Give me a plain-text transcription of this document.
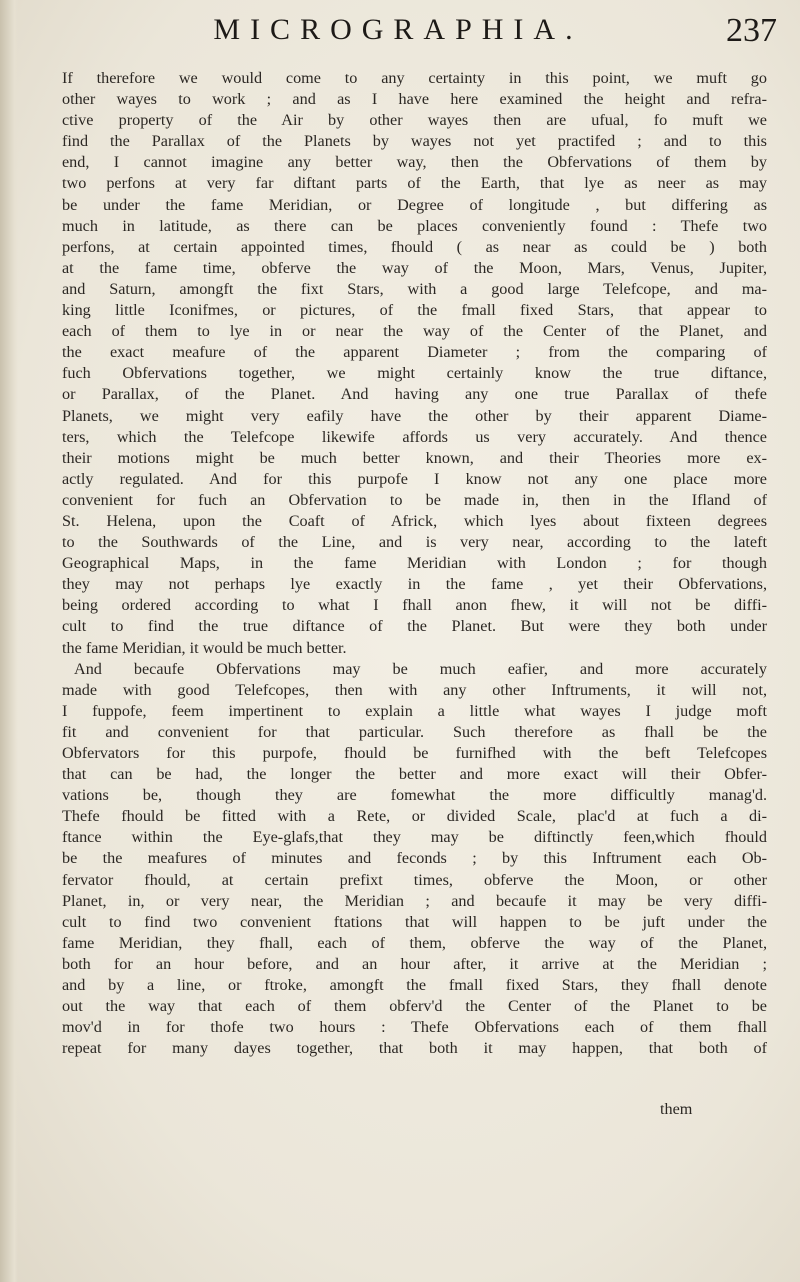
MICROGRAPHIA.	237
If therefore we would come to any certainty in this point, we muft go
other wayes to work ; and as I have here examined the height and refra-
ctive property of the Air by other wayes then are ufual, fo muft we
find the Parallax of the Planets by wayes not yet practifed ; and to this
end, I cannot imagine any better way, then the Obfervations of them by
two perfons at very far diftant parts of the Earth, that lye as neer as may
be under the fame Meridian, or Degree of longitude , but differing as
much in latitude, as there can be places conveniently found : Thefe two
perfons, at certain appointed times, fhould ( as near as could be ) both
at the fame time, obferve the way of the Moon, Mars, Venus, Jupiter,
and Saturn, amongft the fixt Stars, with a good large Telefcope, and ma-
king little Iconifmes, or pictures, of the fmall fixed Stars, that appear to
each of them to lye in or near the way of the Center of the Planet, and
the exact meafure of the apparent Diameter ; from the comparing of
fuch Obfervations together, we might certainly know the true diftance,
or Parallax, of the Planet. And having any one true Parallax of thefe
Planets, we might very eafily have the other by their apparent Diame-
ters, which the Telefcope likewife affords us very accurately. And thence
their motions might be much better known, and their Theories more ex-
actly regulated. And for this purpofe I know not any one place more
convenient for fuch an Obfervation to be made in, then in the Ifland of
St. Helena, upon the Coaft of Africk, which lyes about fixteen degrees
to the Southwards of the Line, and is very near, according to the lateft
Geographical Maps, in the fame Meridian with London ; for though
they may not perhaps lye exactly in the fame , yet their Obfervations,
being ordered according to what I fhall anon fhew, it will not be diffi-
cult to find the true diftance of the Planet. But were they both under
the fame Meridian, it would be much better.
And becaufe Obfervations may be much eafier, and more accurately
made with good Telefcopes, then with any other Inftruments, it will not,
I fuppofe, feem impertinent to explain a little what wayes I judge moft
fit and convenient for that particular. Such therefore as fhall be the
Obfervators for this purpofe, fhould be furnifhed with the beft Telefcopes
that can be had, the longer the better and more exact will their Obfer-
vations be, though they are fomewhat the more difficultly manag'd.
Thefe fhould be fitted with a Rete, or divided Scale, plac'd at fuch a di-
ftance within the Eye-glafs,that they may be diftinctly feen,which fhould
be the meafures of minutes and feconds ; by this Inftrument each Ob-
fervator fhould, at certain prefixt times, obferve the Moon, or other
Planet, in, or very near, the Meridian ; and becaufe it may be very diffi-
cult to find two convenient ftations that will happen to be juft under the
fame Meridian, they fhall, each of them, obferve the way of the Planet,
both for an hour before, and an hour after, it arrive at the Meridian ;
and by a line, or ftroke, amongft the fmall fixed Stars, they fhall denote
out the way that each of them obferv'd the Center of the Planet to be
mov'd in for thofe two hours : Thefe Obfervations each of them fhall
repeat for many dayes together, that both it may happen, that both of
them
